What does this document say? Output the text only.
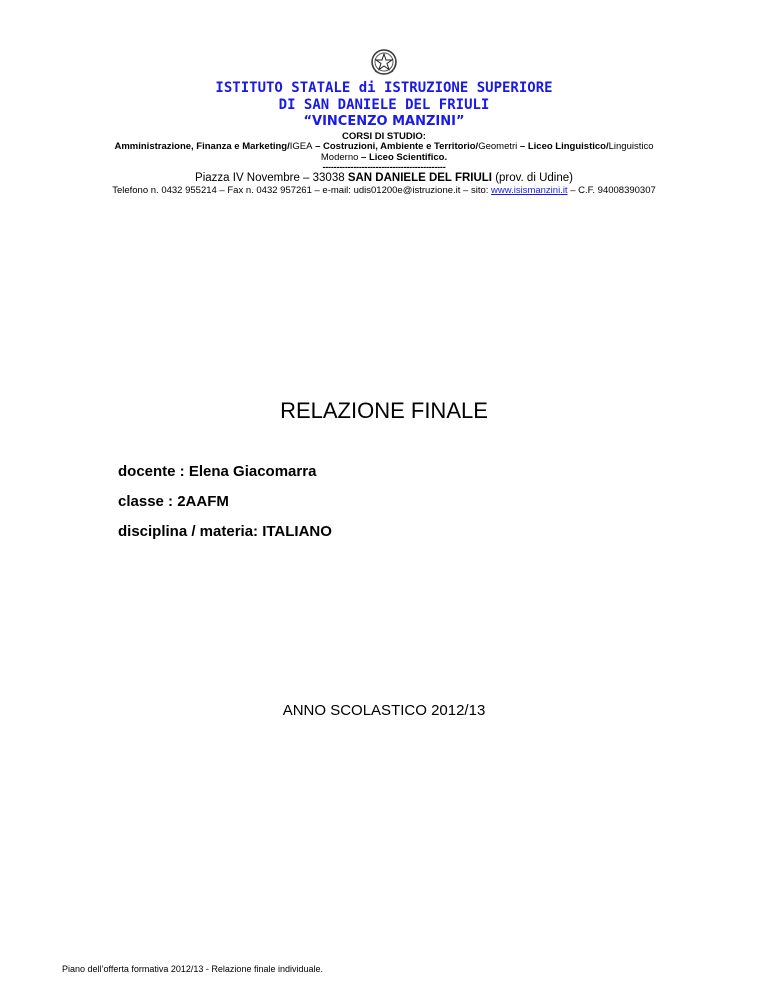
ISTITUTO STATALE di ISTRUZIONE SUPERIORE
DI SAN DANIELE DEL FRIULI
“VINCENZO MANZINI”
CORSI DI STUDIO:
Amministrazione, Finanza e Marketing/IGEA – Costruzioni, Ambiente e Territorio/Geometri – Liceo Linguistico/Linguistico
Moderno – Liceo Scientifico.
--------------------------------------------
Piazza IV Novembre – 33038 SAN DANIELE DEL FRIULI (prov. di Udine)
Telefono n. 0432 955214 – Fax n. 0432 957261 – e-mail: udis01200e@istruzione.it – sito: www.isismanzini.it – C.F. 94008390307
RELAZIONE FINALE
docente : Elena Giacomarra
classe : 2AAFM
disciplina / materia: ITALIANO
ANNO SCOLASTICO 2012/13
Piano dell’offerta formativa 2012/13 - Relazione finale individuale.
